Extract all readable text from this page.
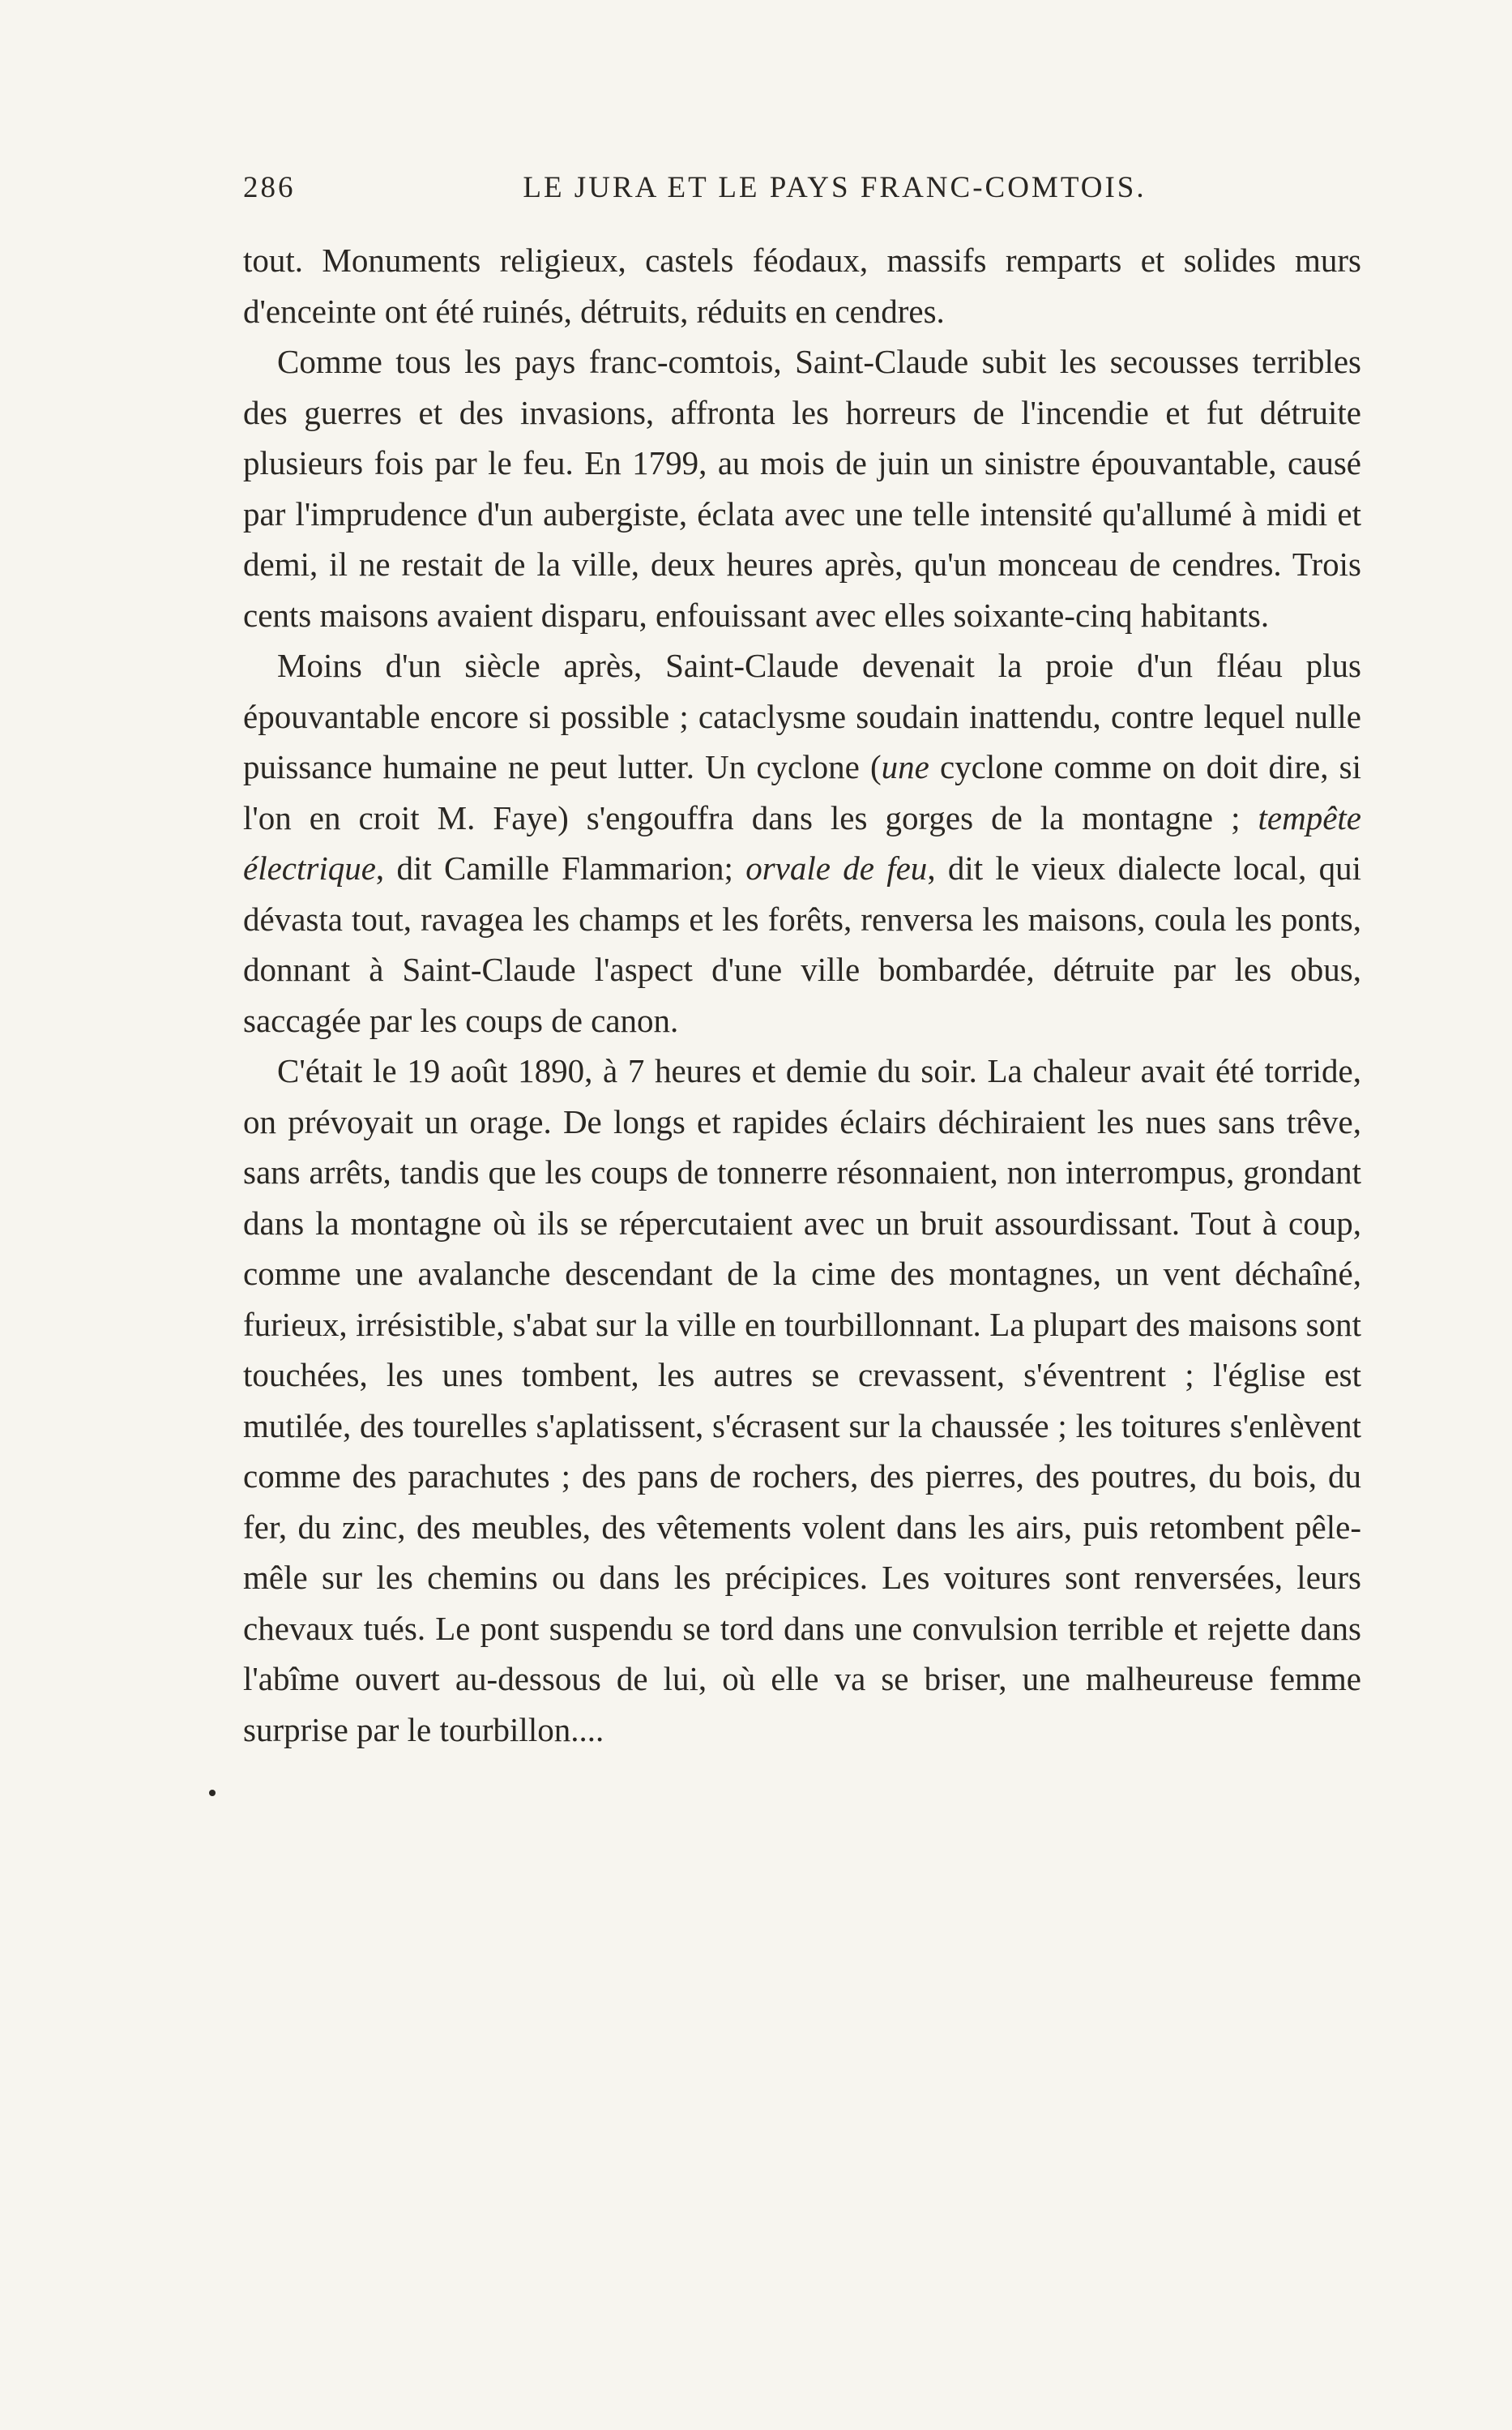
286	LE JURA ET LE PAYS FRANC-COMTOIS.

tout. Monuments religieux, castels féodaux, massifs remparts et solides murs d'enceinte ont été ruinés, détruits, réduits en cendres.

Comme tous les pays franc-comtois, Saint-Claude subit les secousses terribles des guerres et des invasions, affronta les horreurs de l'incendie et fut détruite plusieurs fois par le feu. En 1799, au mois de juin un sinistre épouvantable, causé par l'imprudence d'un aubergiste, éclata avec une telle intensité qu'allumé à midi et demi, il ne restait de la ville, deux heures après, qu'un monceau de cendres. Trois cents maisons avaient disparu, enfouissant avec elles soixante-cinq habitants.

Moins d'un siècle après, Saint-Claude devenait la proie d'un fléau plus épouvantable encore si possible ; cataclysme soudain inattendu, contre lequel nulle puissance humaine ne peut lutter. Un cyclone (une cyclone comme on doit dire, si l'on en croit M. Faye) s'engouffra dans les gorges de la montagne ; tempête électrique, dit Camille Flammarion; orvale de feu, dit le vieux dialecte local, qui dévasta tout, ravagea les champs et les forêts, renversa les maisons, coula les ponts, donnant à Saint-Claude l'aspect d'une ville bombardée, détruite par les obus, saccagée par les coups de canon.

C'était le 19 août 1890, à 7 heures et demie du soir. La chaleur avait été torride, on prévoyait un orage. De longs et rapides éclairs déchiraient les nues sans trêve, sans arrêts, tandis que les coups de tonnerre résonnaient, non interrompus, grondant dans la montagne où ils se répercutaient avec un bruit assourdissant. Tout à coup, comme une avalanche descendant de la cime des montagnes, un vent déchaîné, furieux, irrésistible, s'abat sur la ville en tourbillonnant. La plupart des maisons sont touchées, les unes tombent, les autres se crevassent, s'éventrent ; l'église est mutilée, des tourelles s'aplatissent, s'écrasent sur la chaussée ; les toitures s'enlèvent comme des parachutes ; des pans de rochers, des pierres, des poutres, du bois, du fer, du zinc, des meubles, des vêtements volent dans les airs, puis retombent pêle-mêle sur les chemins ou dans les précipices. Les voitures sont renversées, leurs chevaux tués. Le pont suspendu se tord dans une convulsion terrible et rejette dans l'abîme ouvert au-dessous de lui, où elle va se briser, une malheureuse femme surprise par le tourbillon....
